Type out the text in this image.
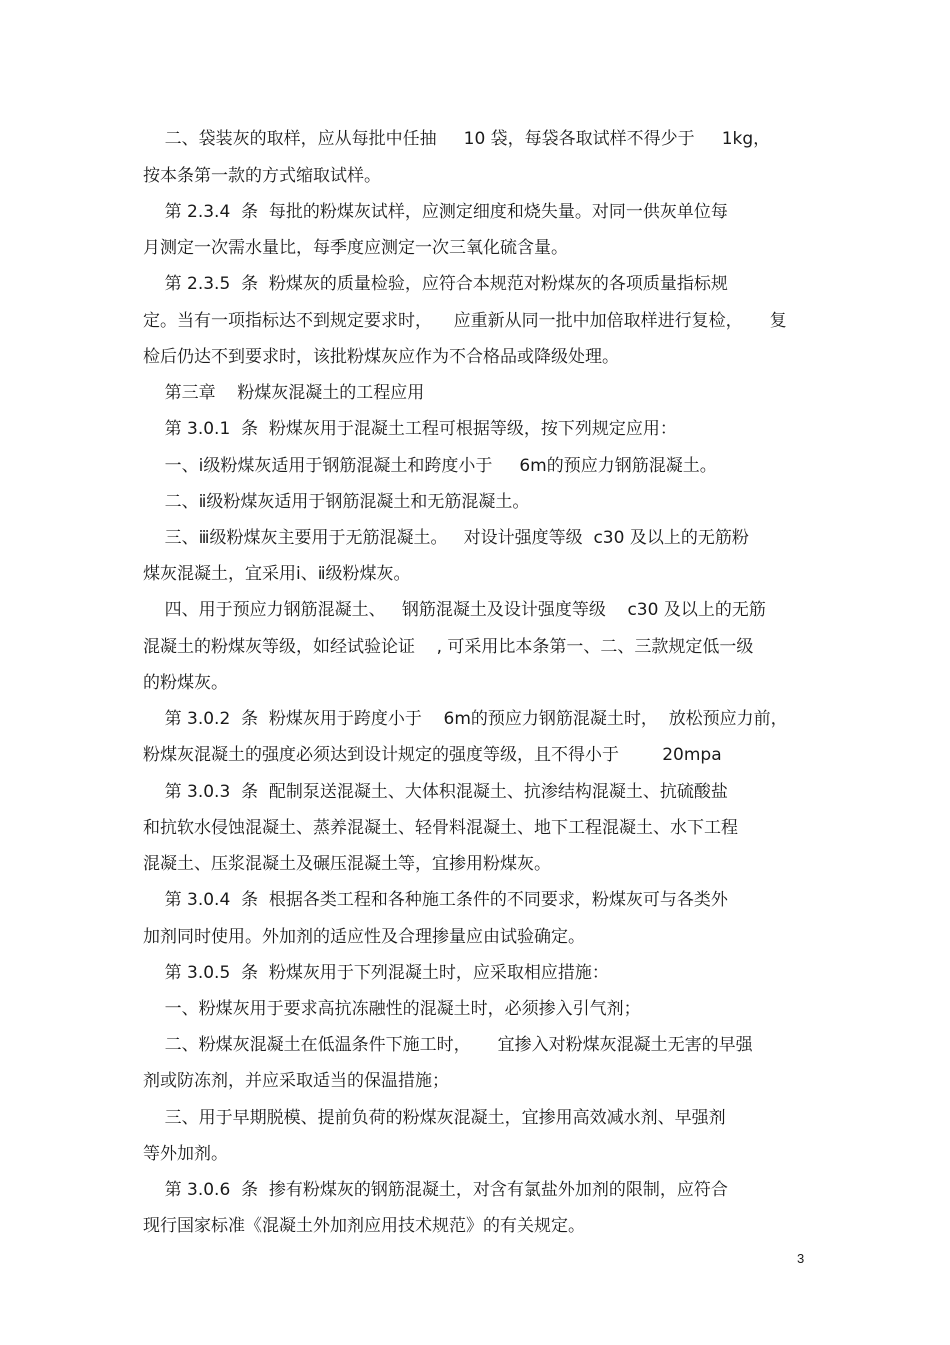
二、袋装灰的取样，应从每批中任抽     10 袋，每袋各取试样不得少于     1kg，

按本条第一款的方式缩取试样。

第 2.3.4  条  每批的粉煤灰试样，应测定细度和烧失量。对同一供灰单位每

月测定一次需水量比，每季度应测定一次三氧化硫含量。

第 2.3.5  条  粉煤灰的质量检验，应符合本规范对粉煤灰的各项质量指标规

定。当有一项指标达不到规定要求时，    应重新从同一批中加倍取样进行复检，     复

检后仍达不到要求时，该批粉煤灰应作为不合格品或降级处理。

第三章    粉煤灰混凝土的工程应用

第 3.0.1  条  粉煤灰用于混凝土工程可根据等级，按下列规定应用：

一、ⅰ级粉煤灰适用于钢筋混凝土和跨度小于     6m的预应力钢筋混凝土。

二、ⅱ级粉煤灰适用于钢筋混凝土和无筋混凝土。

三、ⅲ级粉煤灰主要用于无筋混凝土。   对设计强度等级  c30 及以上的无筋粉

煤灰混凝土，宜采用ⅰ、ⅱ级粉煤灰。

四、用于预应力钢筋混凝土、   钢筋混凝土及设计强度等级    c30 及以上的无筋

混凝土的粉煤灰等级，如经试验论证    , 可采用比本条第一、二、三款规定低一级

的粉煤灰。

第 3.0.2  条  粉煤灰用于跨度小于    6m的预应力钢筋混凝土时，  放松预应力前，

粉煤灰混凝土的强度必须达到设计规定的强度等级，且不得小于        20mpa

第 3.0.3  条  配制泵送混凝土、大体积混凝土、抗渗结构混凝土、抗硫酸盐

和抗软水侵蚀混凝土、蒸养混凝土、轻骨料混凝土、地下工程混凝土、水下工程

混凝土、压浆混凝土及碾压混凝土等，宜掺用粉煤灰。

第 3.0.4  条  根据各类工程和各种施工条件的不同要求，粉煤灰可与各类外

加剂同时使用。外加剂的适应性及合理掺量应由试验确定。

第 3.0.5  条  粉煤灰用于下列混凝土时，应采取相应措施：

一、粉煤灰用于要求高抗冻融性的混凝土时，必须掺入引气剂；

二、粉煤灰混凝土在低温条件下施工时，     宜掺入对粉煤灰混凝土无害的早强

剂或防冻剂，并应采取适当的保温措施；

三、用于早期脱模、提前负荷的粉煤灰混凝土，宜掺用高效减水剂、早强剂

等外加剂。

第 3.0.6  条  掺有粉煤灰的钢筋混凝土，对含有氯盐外加剂的限制，应符合

现行国家标准《混凝土外加剂应用技术规范》的有关规定。

3
